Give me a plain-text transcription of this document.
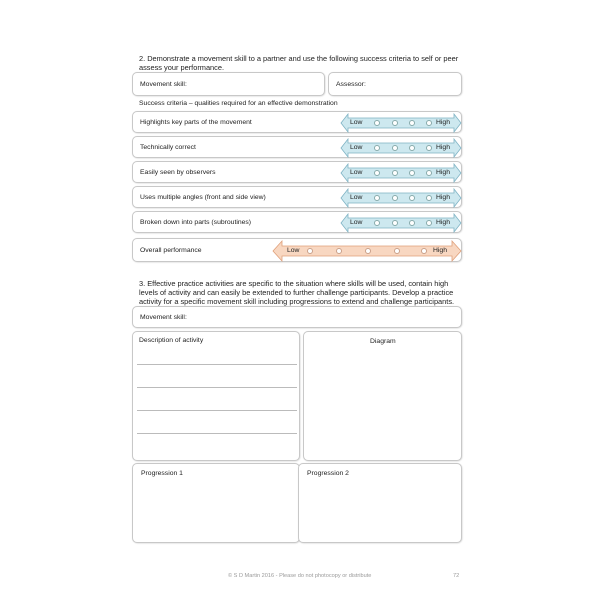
2. Demonstrate a movement skill to a partner and use the following success criteria to self or peer assess your performance.
Movement skill:	Assessor:
Success criteria – qualities required for an effective demonstration
Highlights key parts of the movement	Low	High
Technically correct	Low	High
Easily seen by observers	Low	High
Uses multiple angles (front and side view)	Low	High
Broken down into parts (subroutines)	Low	High
Overall performance	Low	High
3. Effective practice activities are specific to the situation where skills will be used, contain high levels of activity and can easily be extended to further challenge participants. Develop a practice activity for a specific movement skill including progressions to extend and challenge participants.
Movement skill:
Description of activity	Diagram
Progression 1	Progression 2
© S D Martin 2016 - Please do not photocopy or distribute	72
